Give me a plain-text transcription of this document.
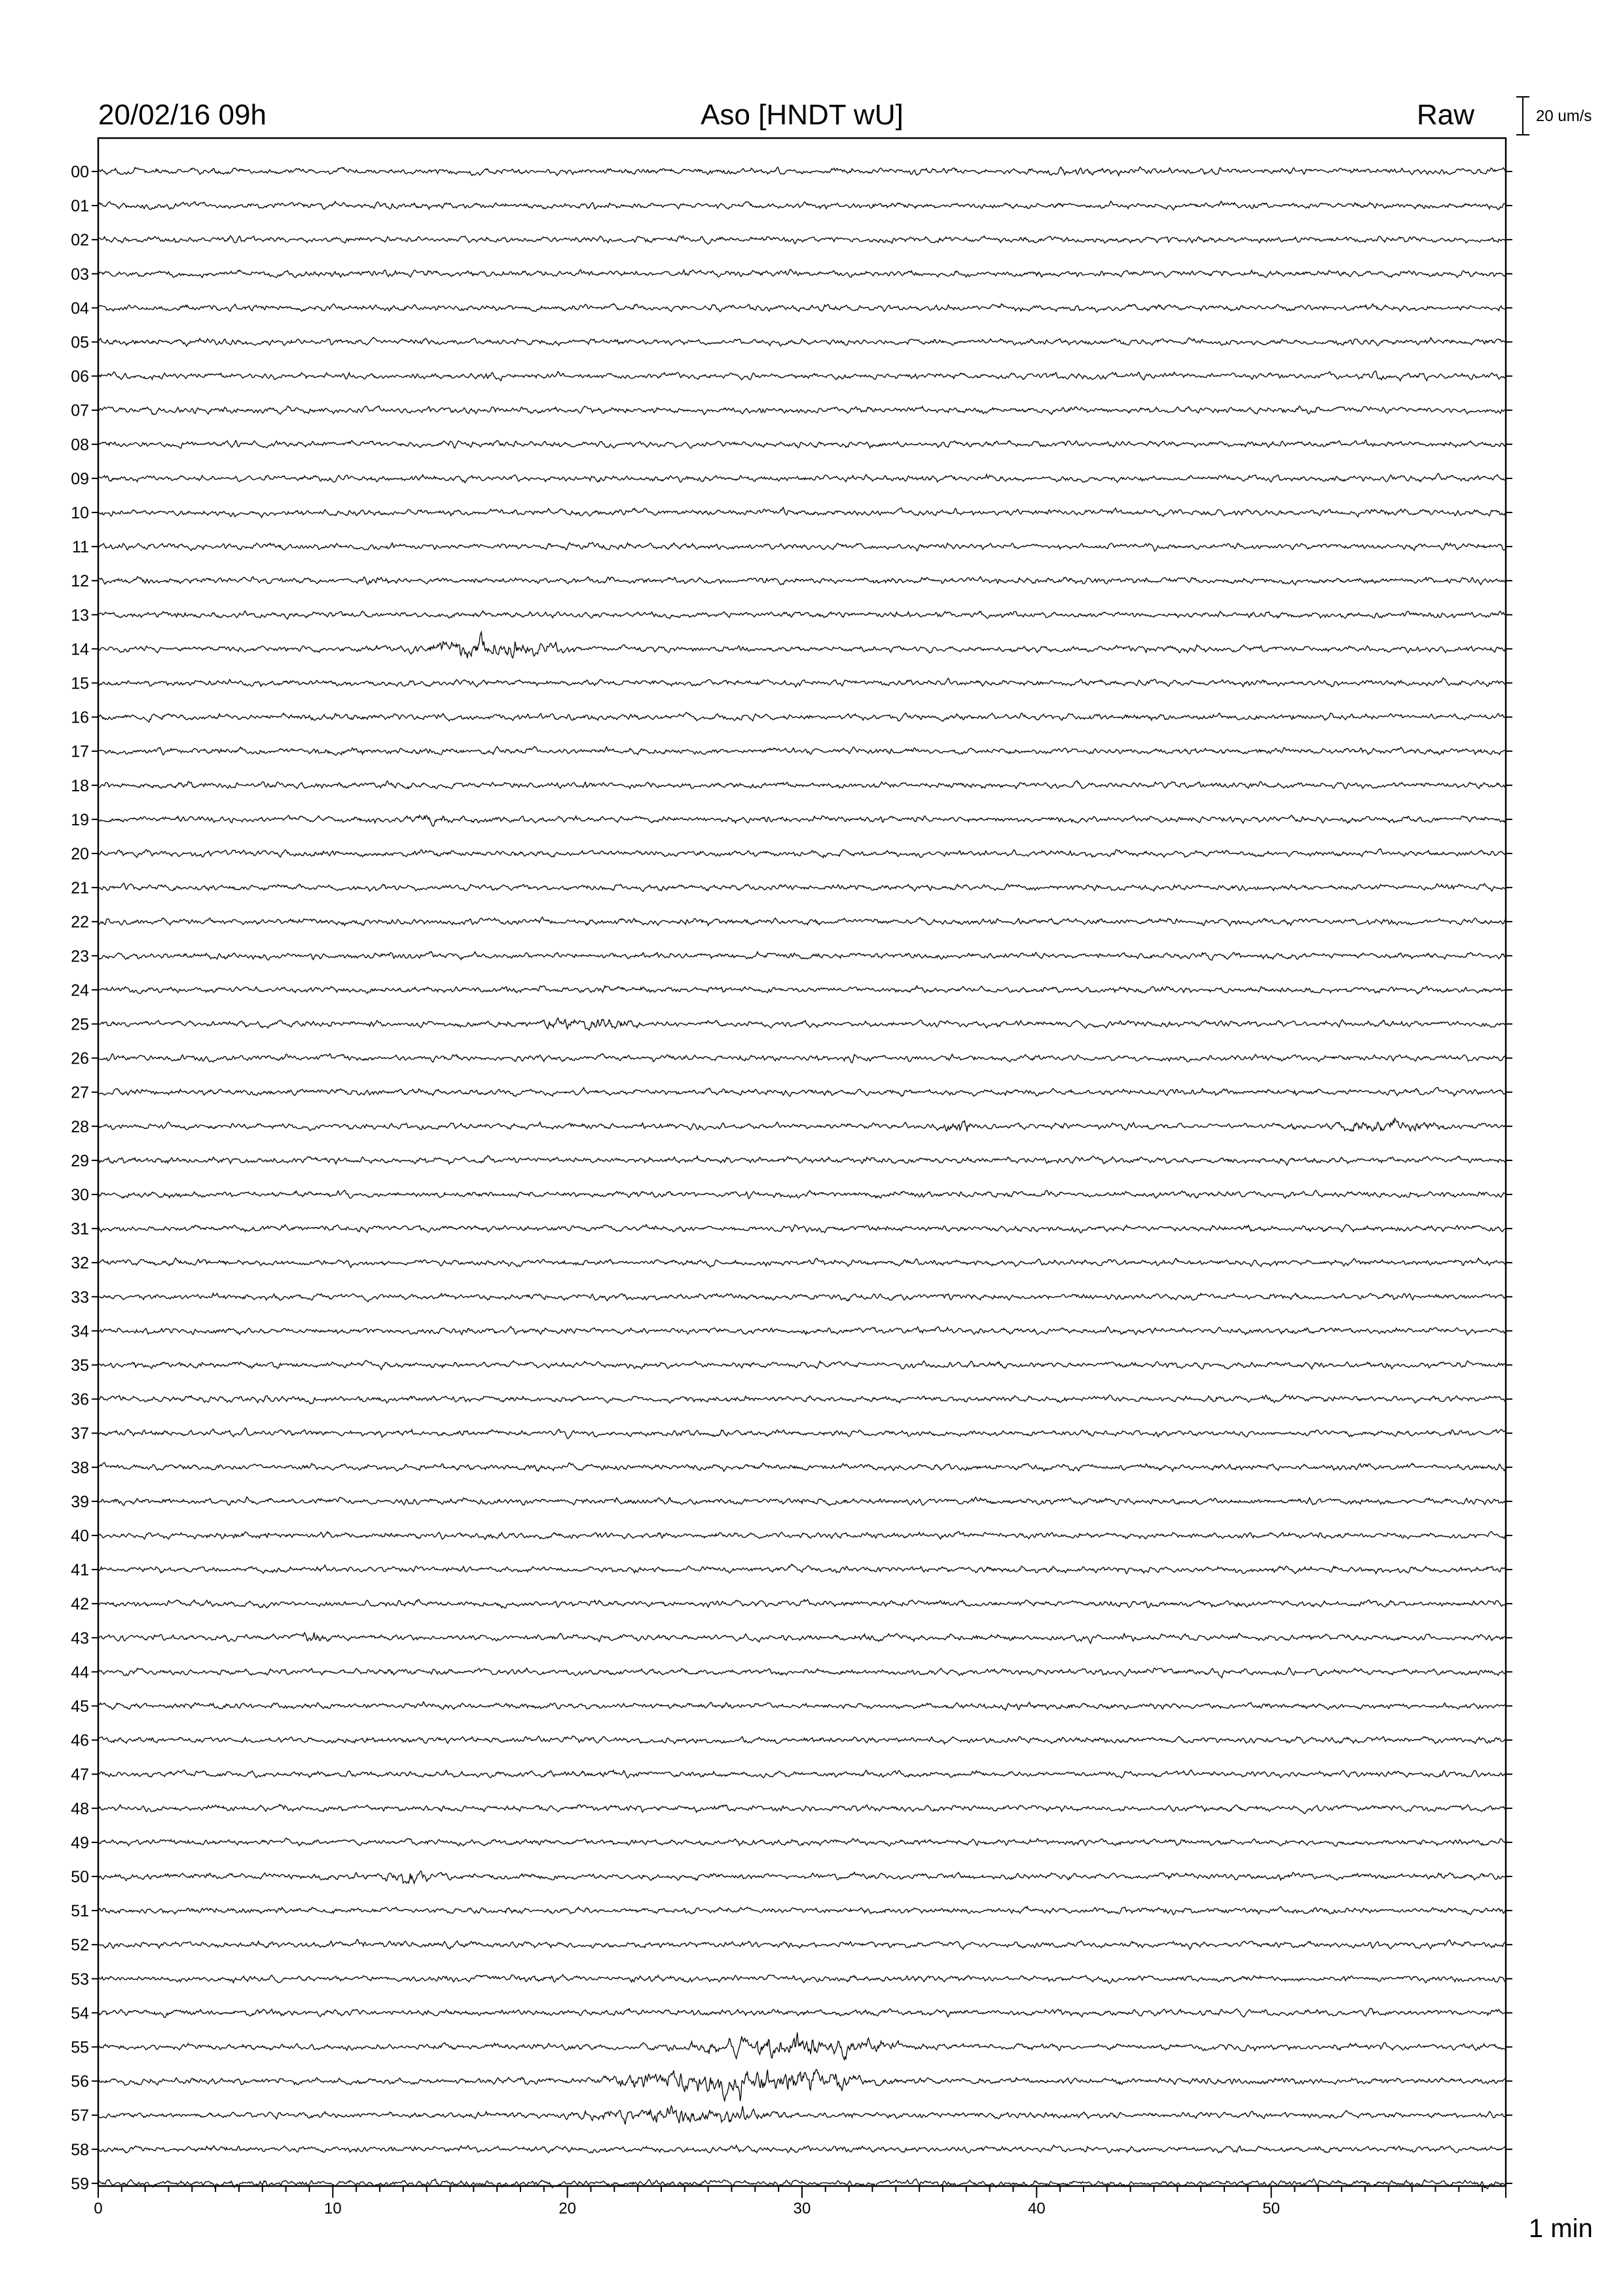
20/02/16 09h	Aso [HNDT wU]	Raw	20 um/s
1 min
00
01
02
03
04
05
06
07
08
09
10
11
12
13
14
15
16
17
18
19
20
21
22
23
24
25
26
27
28
29
30
31
32
33
34
35
36
37
38
39
40
41
42
43
44
45
46
47
48
49
50
51
52
53
54
55
56
57
58
59
0	10	20	30	40	50
